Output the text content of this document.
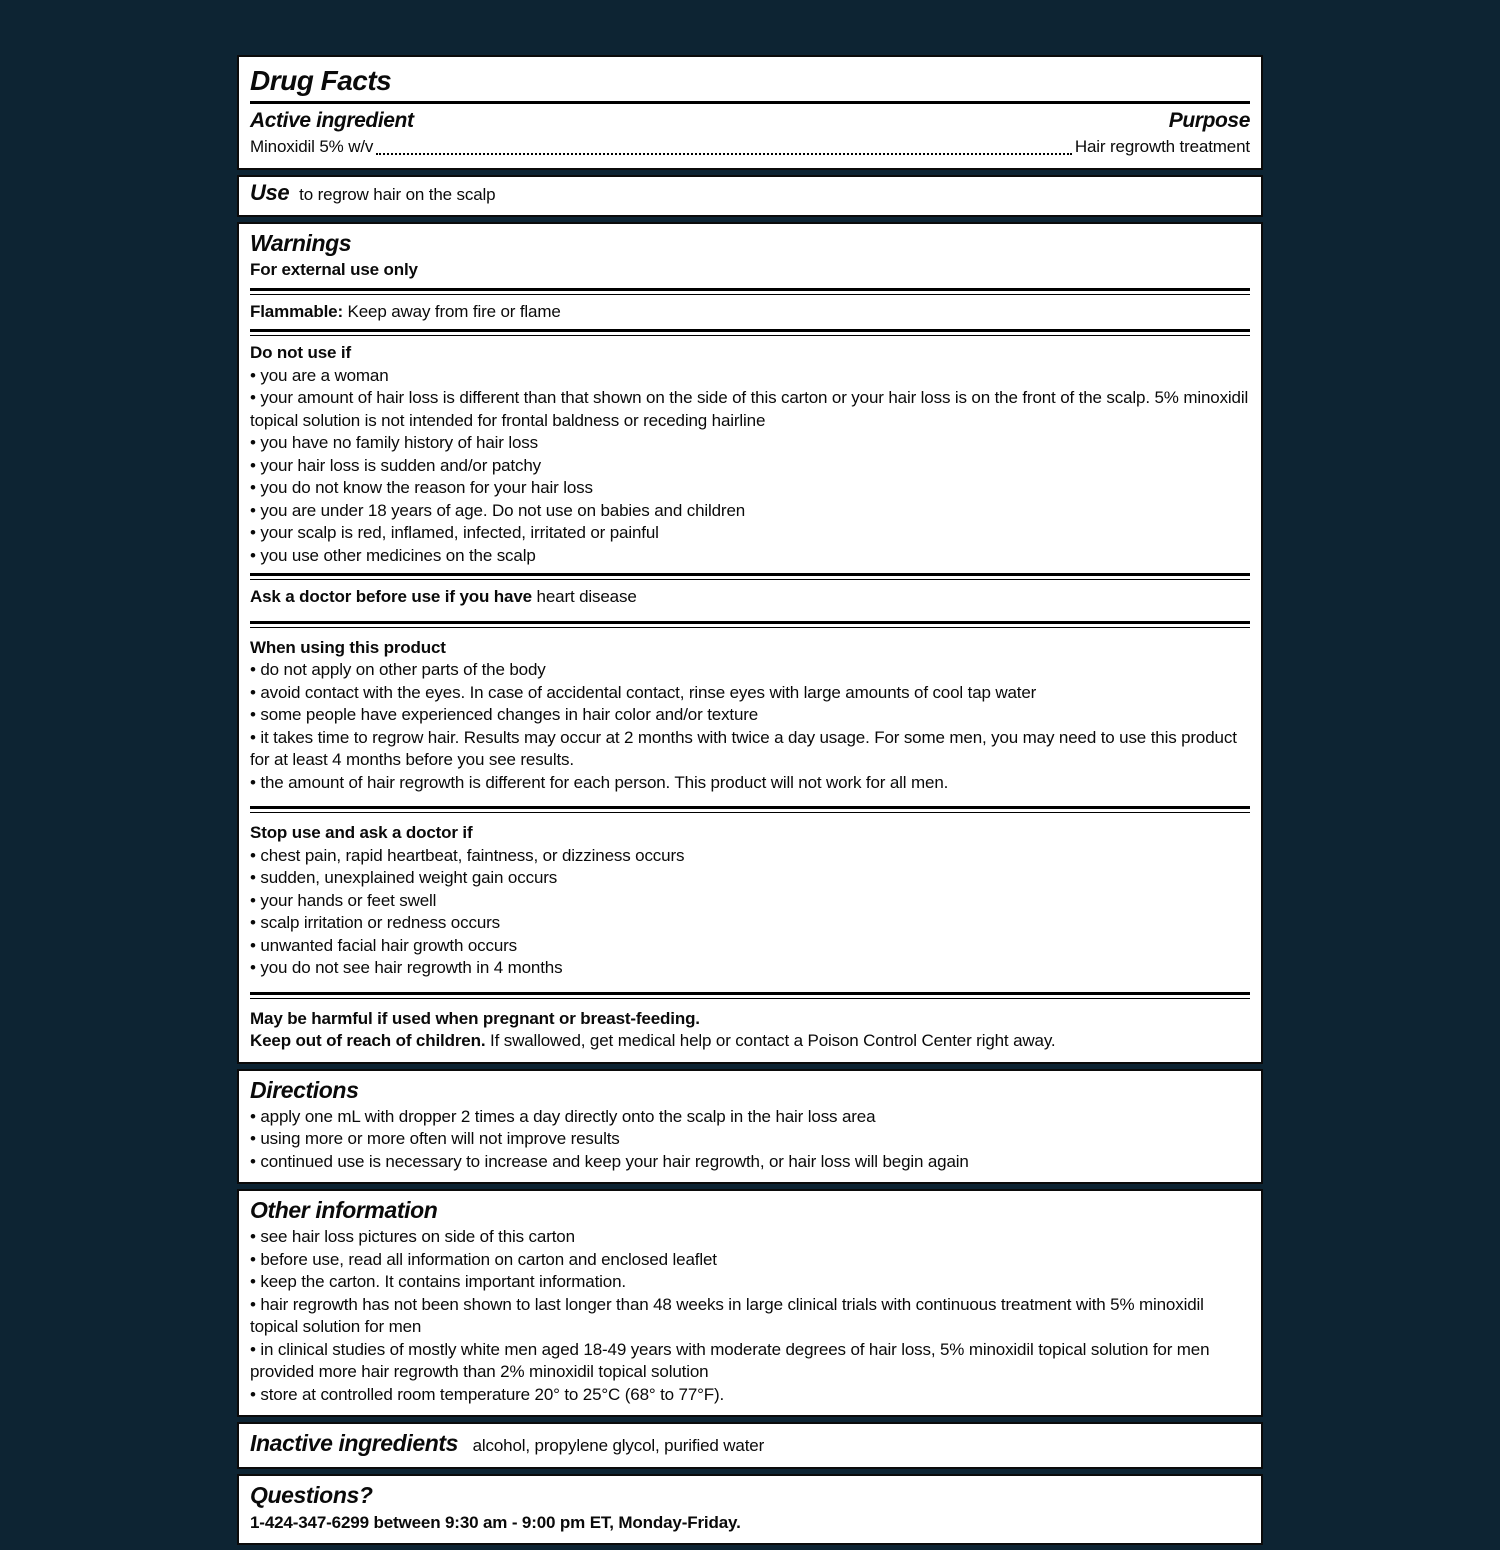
Drug Facts
Active ingredient	Purpose
Minoxidil 5% w/v	Hair regrowth treatment
Use to regrow hair on the scalp
Warnings
For external use only
Flammable: Keep away from fire or flame
Do not use if
• you are a woman
• your amount of hair loss is different than that shown on the side of this carton or your hair loss is on the front of the scalp. 5% minoxidil topical solution is not intended for frontal baldness or receding hairline
• you have no family history of hair loss
• your hair loss is sudden and/or patchy
• you do not know the reason for your hair loss
• you are under 18 years of age. Do not use on babies and children
• your scalp is red, inflamed, infected, irritated or painful
• you use other medicines on the scalp
Ask a doctor before use if you have heart disease
When using this product
• do not apply on other parts of the body
• avoid contact with the eyes. In case of accidental contact, rinse eyes with large amounts of cool tap water
• some people have experienced changes in hair color and/or texture
• it takes time to regrow hair. Results may occur at 2 months with twice a day usage. For some men, you may need to use this product for at least 4 months before you see results.
• the amount of hair regrowth is different for each person. This product will not work for all men.
Stop use and ask a doctor if
• chest pain, rapid heartbeat, faintness, or dizziness occurs
• sudden, unexplained weight gain occurs
• your hands or feet swell
• scalp irritation or redness occurs
• unwanted facial hair growth occurs
• you do not see hair regrowth in 4 months
May be harmful if used when pregnant or breast-feeding.
Keep out of reach of children. If swallowed, get medical help or contact a Poison Control Center right away.
Directions
• apply one mL with dropper 2 times a day directly onto the scalp in the hair loss area
• using more or more often will not improve results
• continued use is necessary to increase and keep your hair regrowth, or hair loss will begin again
Other information
• see hair loss pictures on side of this carton
• before use, read all information on carton and enclosed leaflet
• keep the carton. It contains important information.
• hair regrowth has not been shown to last longer than 48 weeks in large clinical trials with continuous treatment with 5% minoxidil topical solution for men
• in clinical studies of mostly white men aged 18-49 years with moderate degrees of hair loss, 5% minoxidil topical solution for men provided more hair regrowth than 2% minoxidil topical solution
• store at controlled room temperature 20° to 25°C (68° to 77°F).
Inactive ingredients alcohol, propylene glycol, purified water
Questions?
1-424-347-6299 between 9:30 am - 9:00 pm ET, Monday-Friday.
